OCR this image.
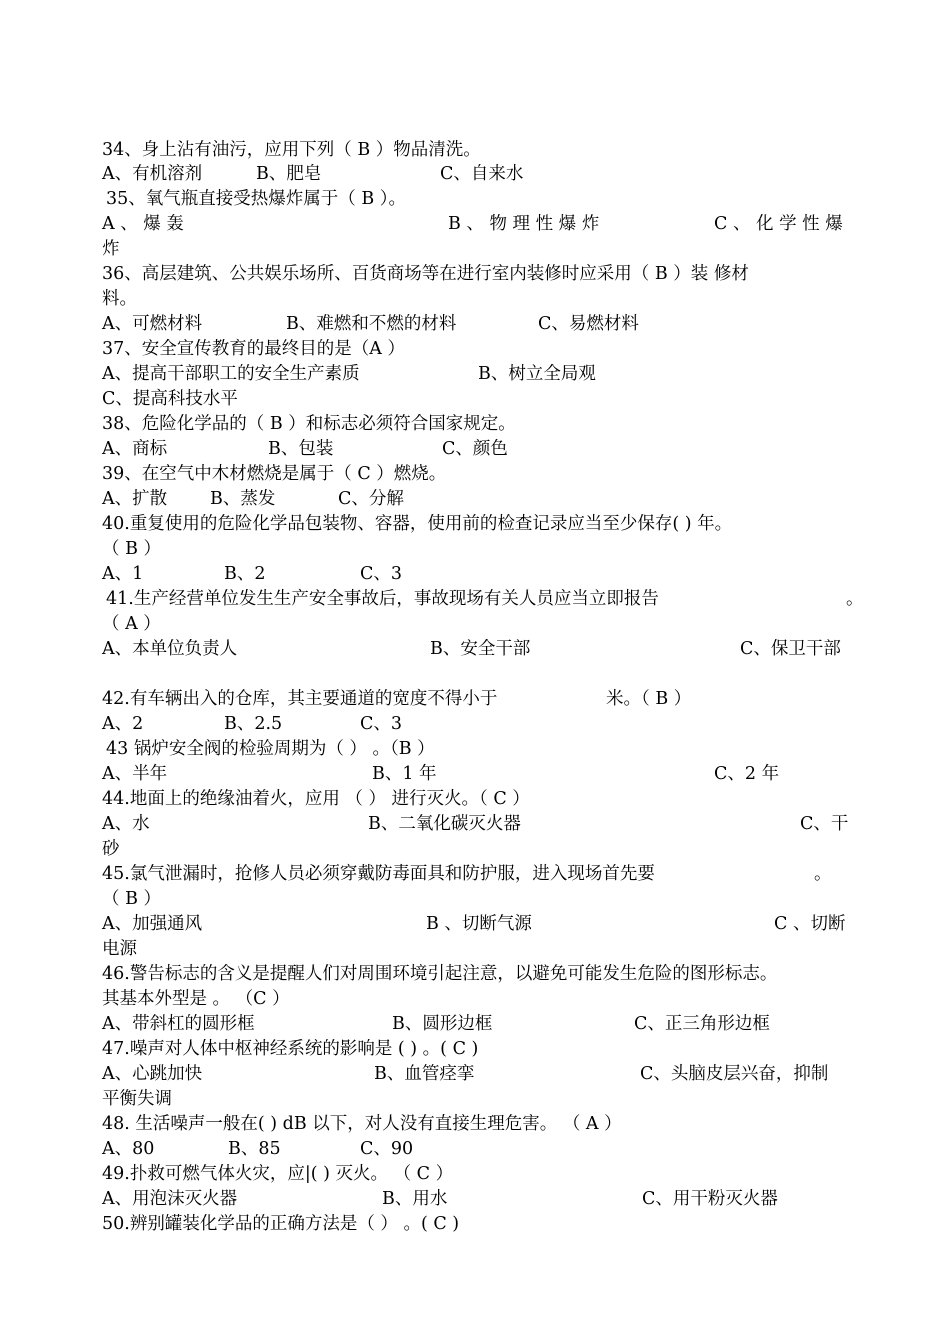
34、身上沾有油污，应用下列（ B ）物品清洗。
A、有机溶剂	B、肥皂	C、自来水
35、氧气瓶直接受热爆炸属于（ B ）。
A 、 爆 轰	B 、 物 理 性 爆 炸	C 、 化 学 性 爆
炸
36、高层建筑、公共娱乐场所、百货商场等在进行室内装修时应采用（ B ）装 修材
料。
A、可燃材料	B、难燃和不燃的材料	C、易燃材料
37、安全宣传教育的最终目的是（A ）
A、提高干部职工的安全生产素质	B、树立全局观
C、提高科技水平
38、危险化学品的（ B ）和标志必须符合国家规定。
A、商标	B、包装	C、颜色
39、在空气中木材燃烧是属于（ C ）燃烧。
A、扩散 B、蒸发	C、分解
40.重复使用的危险化学品包装物、容器，使用前的检查记录应当至少保存( ) 年。
（ B ）
A、1	B、2	C、3
41.生产经营单位发生生产安全事故后，事故现场有关人员应当立即报告	。
（ A ）
A、本单位负责人	B、安全干部	C、保卫干部
42.有车辆出入的仓库，其主要通道的宽度不得小于	米。（ B ）
A、2	B、2.5	C、3
43 锅炉安全阀的检验周期为（ ） 。（B ）
A、半年	B、1 年	C、2 年
44.地面上的绝缘油着火，应用 （ ） 进行灭火。（ C ）
A、水	B、二氧化碳灭火器	C、干
砂
45.氯气泄漏时，抢修人员必须穿戴防毒面具和防护服，进入现场首先要	。
（ B ）
A、加强通风	B 、切断气源	C 、切断
电源
46.警告标志的含义是提醒人们对周围环境引起注意，以避免可能发生危险的图形标志。
其基本外型是 。 （C ）
A、带斜杠的圆形框	B、圆形边框	C、正三角形边框
47.噪声对人体中枢神经系统的影响是 ( ) 。( C )
A、心跳加快	B、血管痉挛	C、头脑皮层兴奋，抑制
平衡失调
48. 生活噪声一般在( ) dB 以下，对人没有直接生理危害。 （ A ）
A、80	B、85	C、90
49.扑救可燃气体火灾，应|( ) 灭火。 （ C ）
A、用泡沫灭火器	B、用水	C、用干粉灭火器
50.辨别罐装化学品的正确方法是（ ） 。( C )
